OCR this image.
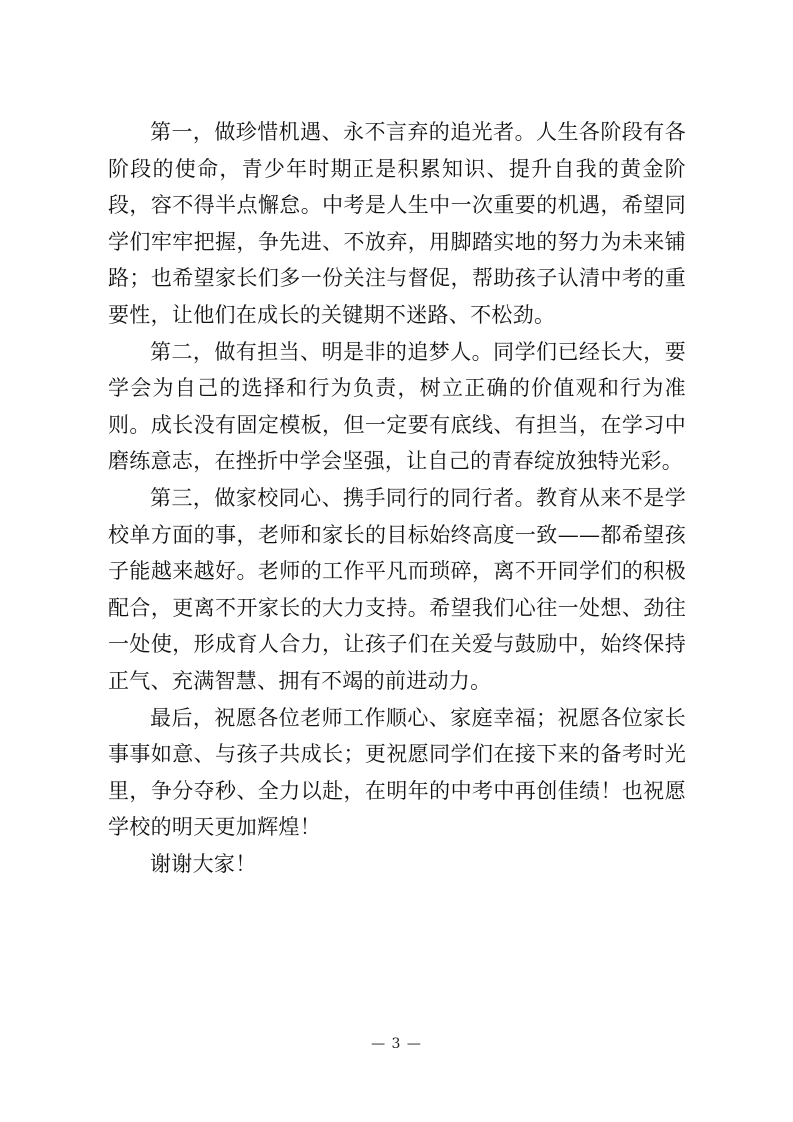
第一，做珍惜机遇、永不言弃的追光者。人生各阶段有各阶段的使命，青少年时期正是积累知识、提升自我的黄金阶段，容不得半点懈怠。中考是人生中一次重要的机遇，希望同学们牢牢把握，争先进、不放弃，用脚踏实地的努力为未来铺路；也希望家长们多一份关注与督促，帮助孩子认清中考的重要性，让他们在成长的关键期不迷路、不松劲。

第二，做有担当、明是非的追梦人。同学们已经长大，要学会为自己的选择和行为负责，树立正确的价值观和行为准则。成长没有固定模板，但一定要有底线、有担当，在学习中磨练意志，在挫折中学会坚强，让自己的青春绽放独特光彩。

第三，做家校同心、携手同行的同行者。教育从来不是学校单方面的事，老师和家长的目标始终高度一致——都希望孩子能越来越好。老师的工作平凡而琐碎，离不开同学们的积极配合，更离不开家长的大力支持。希望我们心往一处想、劲往一处使，形成育人合力，让孩子们在关爱与鼓励中，始终保持正气、充满智慧、拥有不竭的前进动力。

最后，祝愿各位老师工作顺心、家庭幸福；祝愿各位家长事事如意、与孩子共成长；更祝愿同学们在接下来的备考时光里，争分夺秒、全力以赴，在明年的中考中再创佳绩！也祝愿学校的明天更加辉煌！

谢谢大家！

— 3 —
